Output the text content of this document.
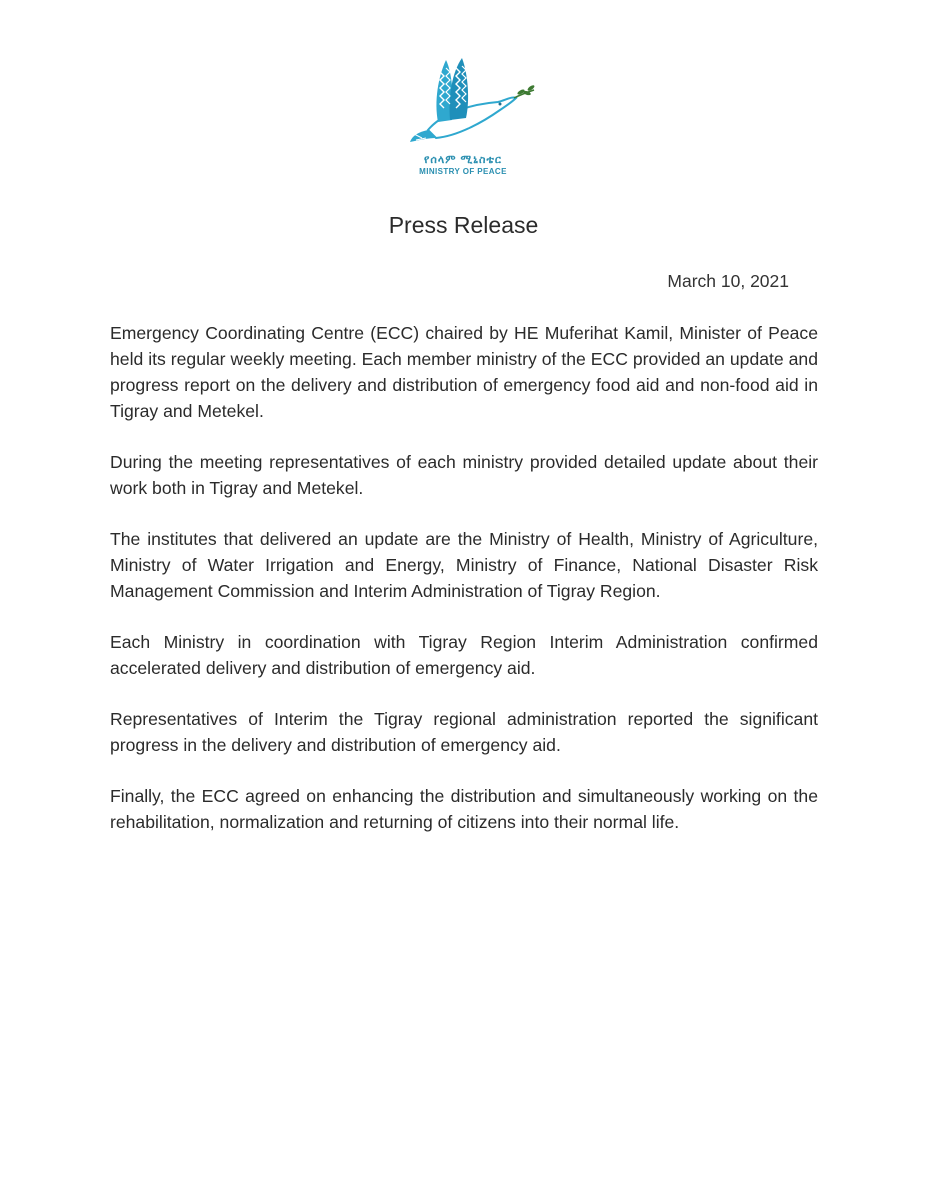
የሰላም ሚኒስቴር
MINISTRY OF PEACE
Press Release
March 10, 2021

Emergency Coordinating Centre (ECC) chaired by HE Muferihat Kamil, Minister of Peace held its regular weekly meeting. Each member ministry of the ECC provided an update and progress report on the delivery and distribution of emergency food aid and non-food aid in Tigray and Metekel.

During the meeting representatives of each ministry provided detailed update about their work both in Tigray and Metekel.

The institutes that delivered an update are the Ministry of Health, Ministry of Agriculture, Ministry of Water Irrigation and Energy, Ministry of Finance, National Disaster Risk Management Commission and Interim Administration of Tigray Region.

Each Ministry in coordination with Tigray Region Interim Administration confirmed accelerated delivery and distribution of emergency aid.

Representatives of Interim the Tigray regional administration reported the significant progress in the delivery and distribution of emergency aid.

Finally, the ECC agreed on enhancing the distribution and simultaneously working on the rehabilitation, normalization and returning of citizens into their normal life.
